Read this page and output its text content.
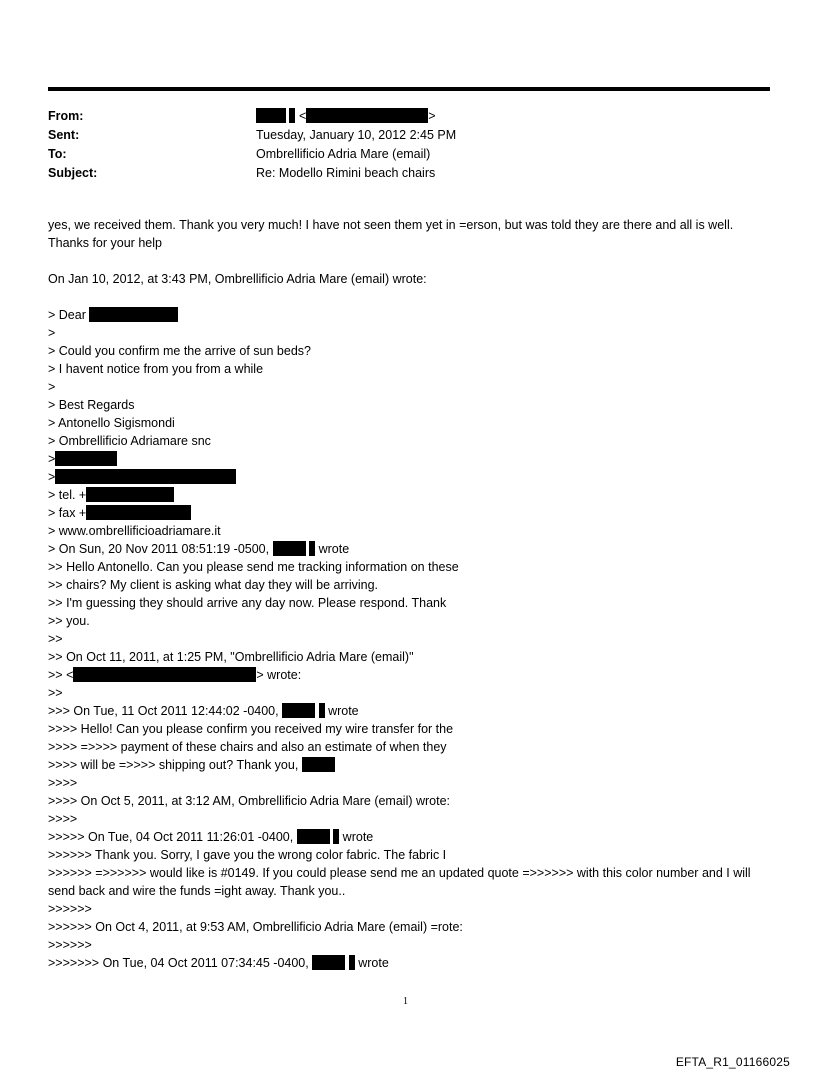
From:	<	>
Sent:	Tuesday, January 10, 2012 2:45 PM
To:	Ombrellificio Adria Mare (email)
Subject:	Re: Modello Rimini beach chairs
yes, we received them. Thank you very much! I have not seen them yet in =erson, but was told they are there and all is well.
Thanks for your help
On Jan 10, 2012, at 3:43 PM, Ombrellificio Adria Mare (email) wrote:
> Dear
>
> Could you confirm me the arrive of sun beds?
> I havent notice from you from a while
>
> Best Regards
> Antonello Sigismondi
> Ombrellificio Adriamare snc
>
>
> tel. +
> fax +
> www.ombrellificioadriamare.it
> On Sun, 20 Nov 2011 08:51:19 -0500,	wrote
>> Hello Antonello. Can you please send me tracking information on these
>> chairs? My client is asking what day they will be arriving.
>> I'm guessing they should arrive any day now. Please respond. Thank
>> you.
>>
>> On Oct 11, 2011, at 1:25 PM, "Ombrellificio Adria Mare (email)"
>> <	> wrote:
>>
>>> On Tue, 11 Oct 2011 12:44:02 -0400,	wrote
>>>> Hello! Can you please confirm you received my wire transfer for the
>>>> =>>>> payment of these chairs and also an estimate of when they
>>>> will be =>>>> shipping out? Thank you,
>>>>
>>>> On Oct 5, 2011, at 3:12 AM, Ombrellificio Adria Mare (email) wrote:
>>>>
>>>>> On Tue, 04 Oct 2011 11:26:01 -0400,	wrote
>>>>>> Thank you. Sorry, I gave you the wrong color fabric. The fabric I
>>>>>> =>>>>>> would like is #0149. If you could please send me an updated quote =>>>>>> with this color number and I will send back and wire the funds =ight away. Thank you..
>>>>>>
>>>>>> On Oct 4, 2011, at 9:53 AM, Ombrellificio Adria Mare (email) =rote:
>>>>>>
>>>>>>> On Tue, 04 Oct 2011 07:34:45 -0400,	wrote
1
EFTA_R1_01166025
